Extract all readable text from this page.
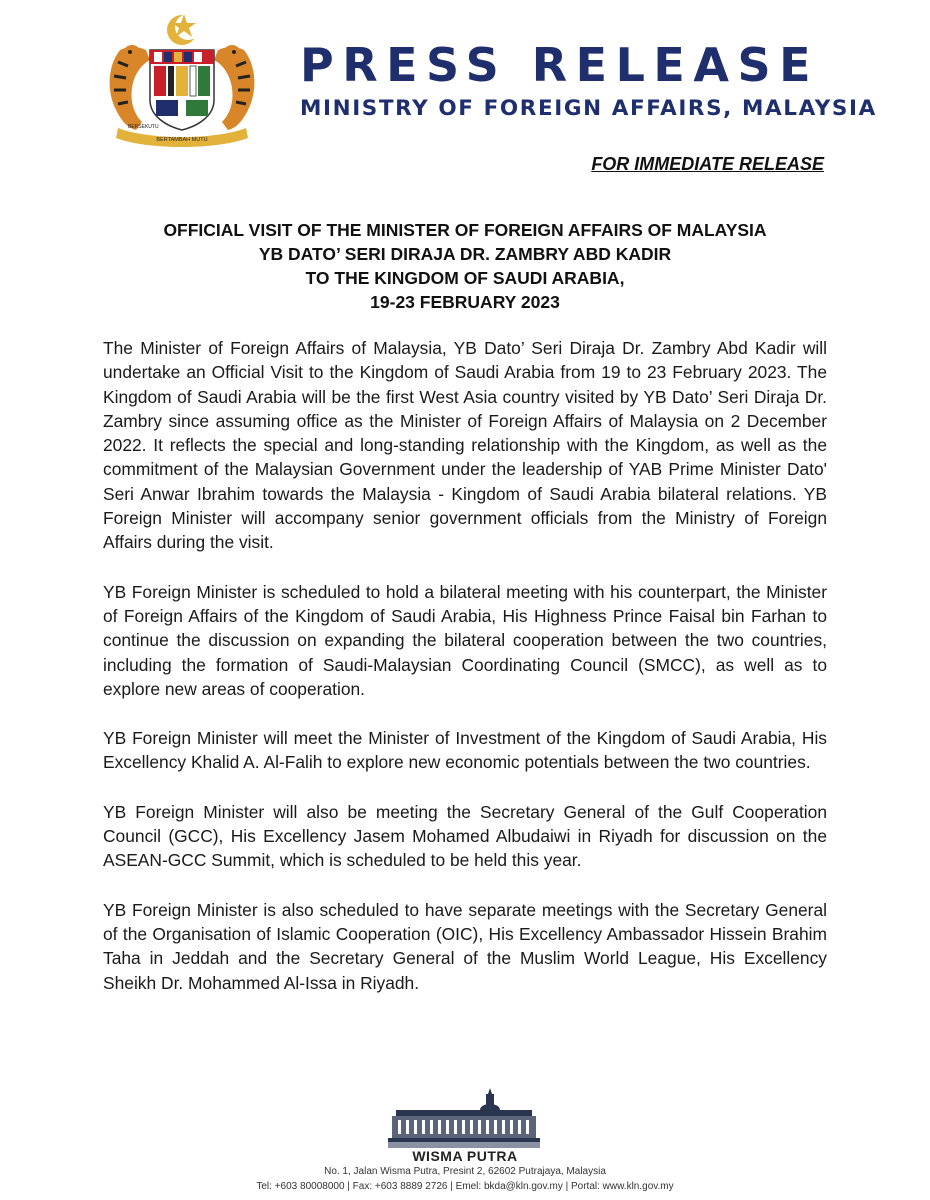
BERTAMBAH MUTU
BERSEKUTU
PRESS RELEASE
MINISTRY OF FOREIGN AFFAIRS, MALAYSIA
FOR IMMEDIATE RELEASE
OFFICIAL VISIT OF THE MINISTER OF FOREIGN AFFAIRS OF MALAYSIA
YB DATO’ SERI DIRAJA DR. ZAMBRY ABD KADIR
TO THE KINGDOM OF SAUDI ARABIA,
19-23 FEBRUARY 2023

The Minister of Foreign Affairs of Malaysia, YB Dato’ Seri Diraja Dr. Zambry Abd Kadir will undertake an Official Visit to the Kingdom of Saudi Arabia from 19 to 23 February 2023. The Kingdom of Saudi Arabia will be the first West Asia country visited by YB Dato’ Seri Diraja Dr. Zambry since assuming office as the Minister of Foreign Affairs of Malaysia on 2 December 2022. It reflects the special and long-standing relationship with the Kingdom, as well as the commitment of the Malaysian Government under the leadership of YAB Prime Minister Dato' Seri Anwar Ibrahim towards the Malaysia - Kingdom of Saudi Arabia bilateral relations. YB Foreign Minister will accompany senior government officials from the Ministry of Foreign Affairs during the visit.

YB Foreign Minister is scheduled to hold a bilateral meeting with his counterpart, the Minister of Foreign Affairs of the Kingdom of Saudi Arabia, His Highness Prince Faisal bin Farhan to continue the discussion on expanding the bilateral cooperation between the two countries, including the formation of Saudi-Malaysian Coordinating Council (SMCC), as well as to explore new areas of cooperation.

YB Foreign Minister will meet the Minister of Investment of the Kingdom of Saudi Arabia, His Excellency Khalid A. Al-Falih to explore new economic potentials between the two countries.

YB Foreign Minister will also be meeting the Secretary General of the Gulf Cooperation Council (GCC), His Excellency Jasem Mohamed Albudaiwi in Riyadh for discussion on the ASEAN-GCC Summit, which is scheduled to be held this year.

YB Foreign Minister is also scheduled to have separate meetings with the Secretary General of the Organisation of Islamic Cooperation (OIC), His Excellency Ambassador Hissein Brahim Taha in Jeddah and the Secretary General of the Muslim World League, His Excellency Sheikh Dr. Mohammed Al-Issa in Riyadh.

WISMA PUTRA
No. 1, Jalan Wisma Putra, Presint 2, 62602 Putrajaya, Malaysia
Tel: +603 80008000 | Fax: +603 8889 2726 | Emel: bkda@kln.gov.my | Portal: www.kln.gov.my
